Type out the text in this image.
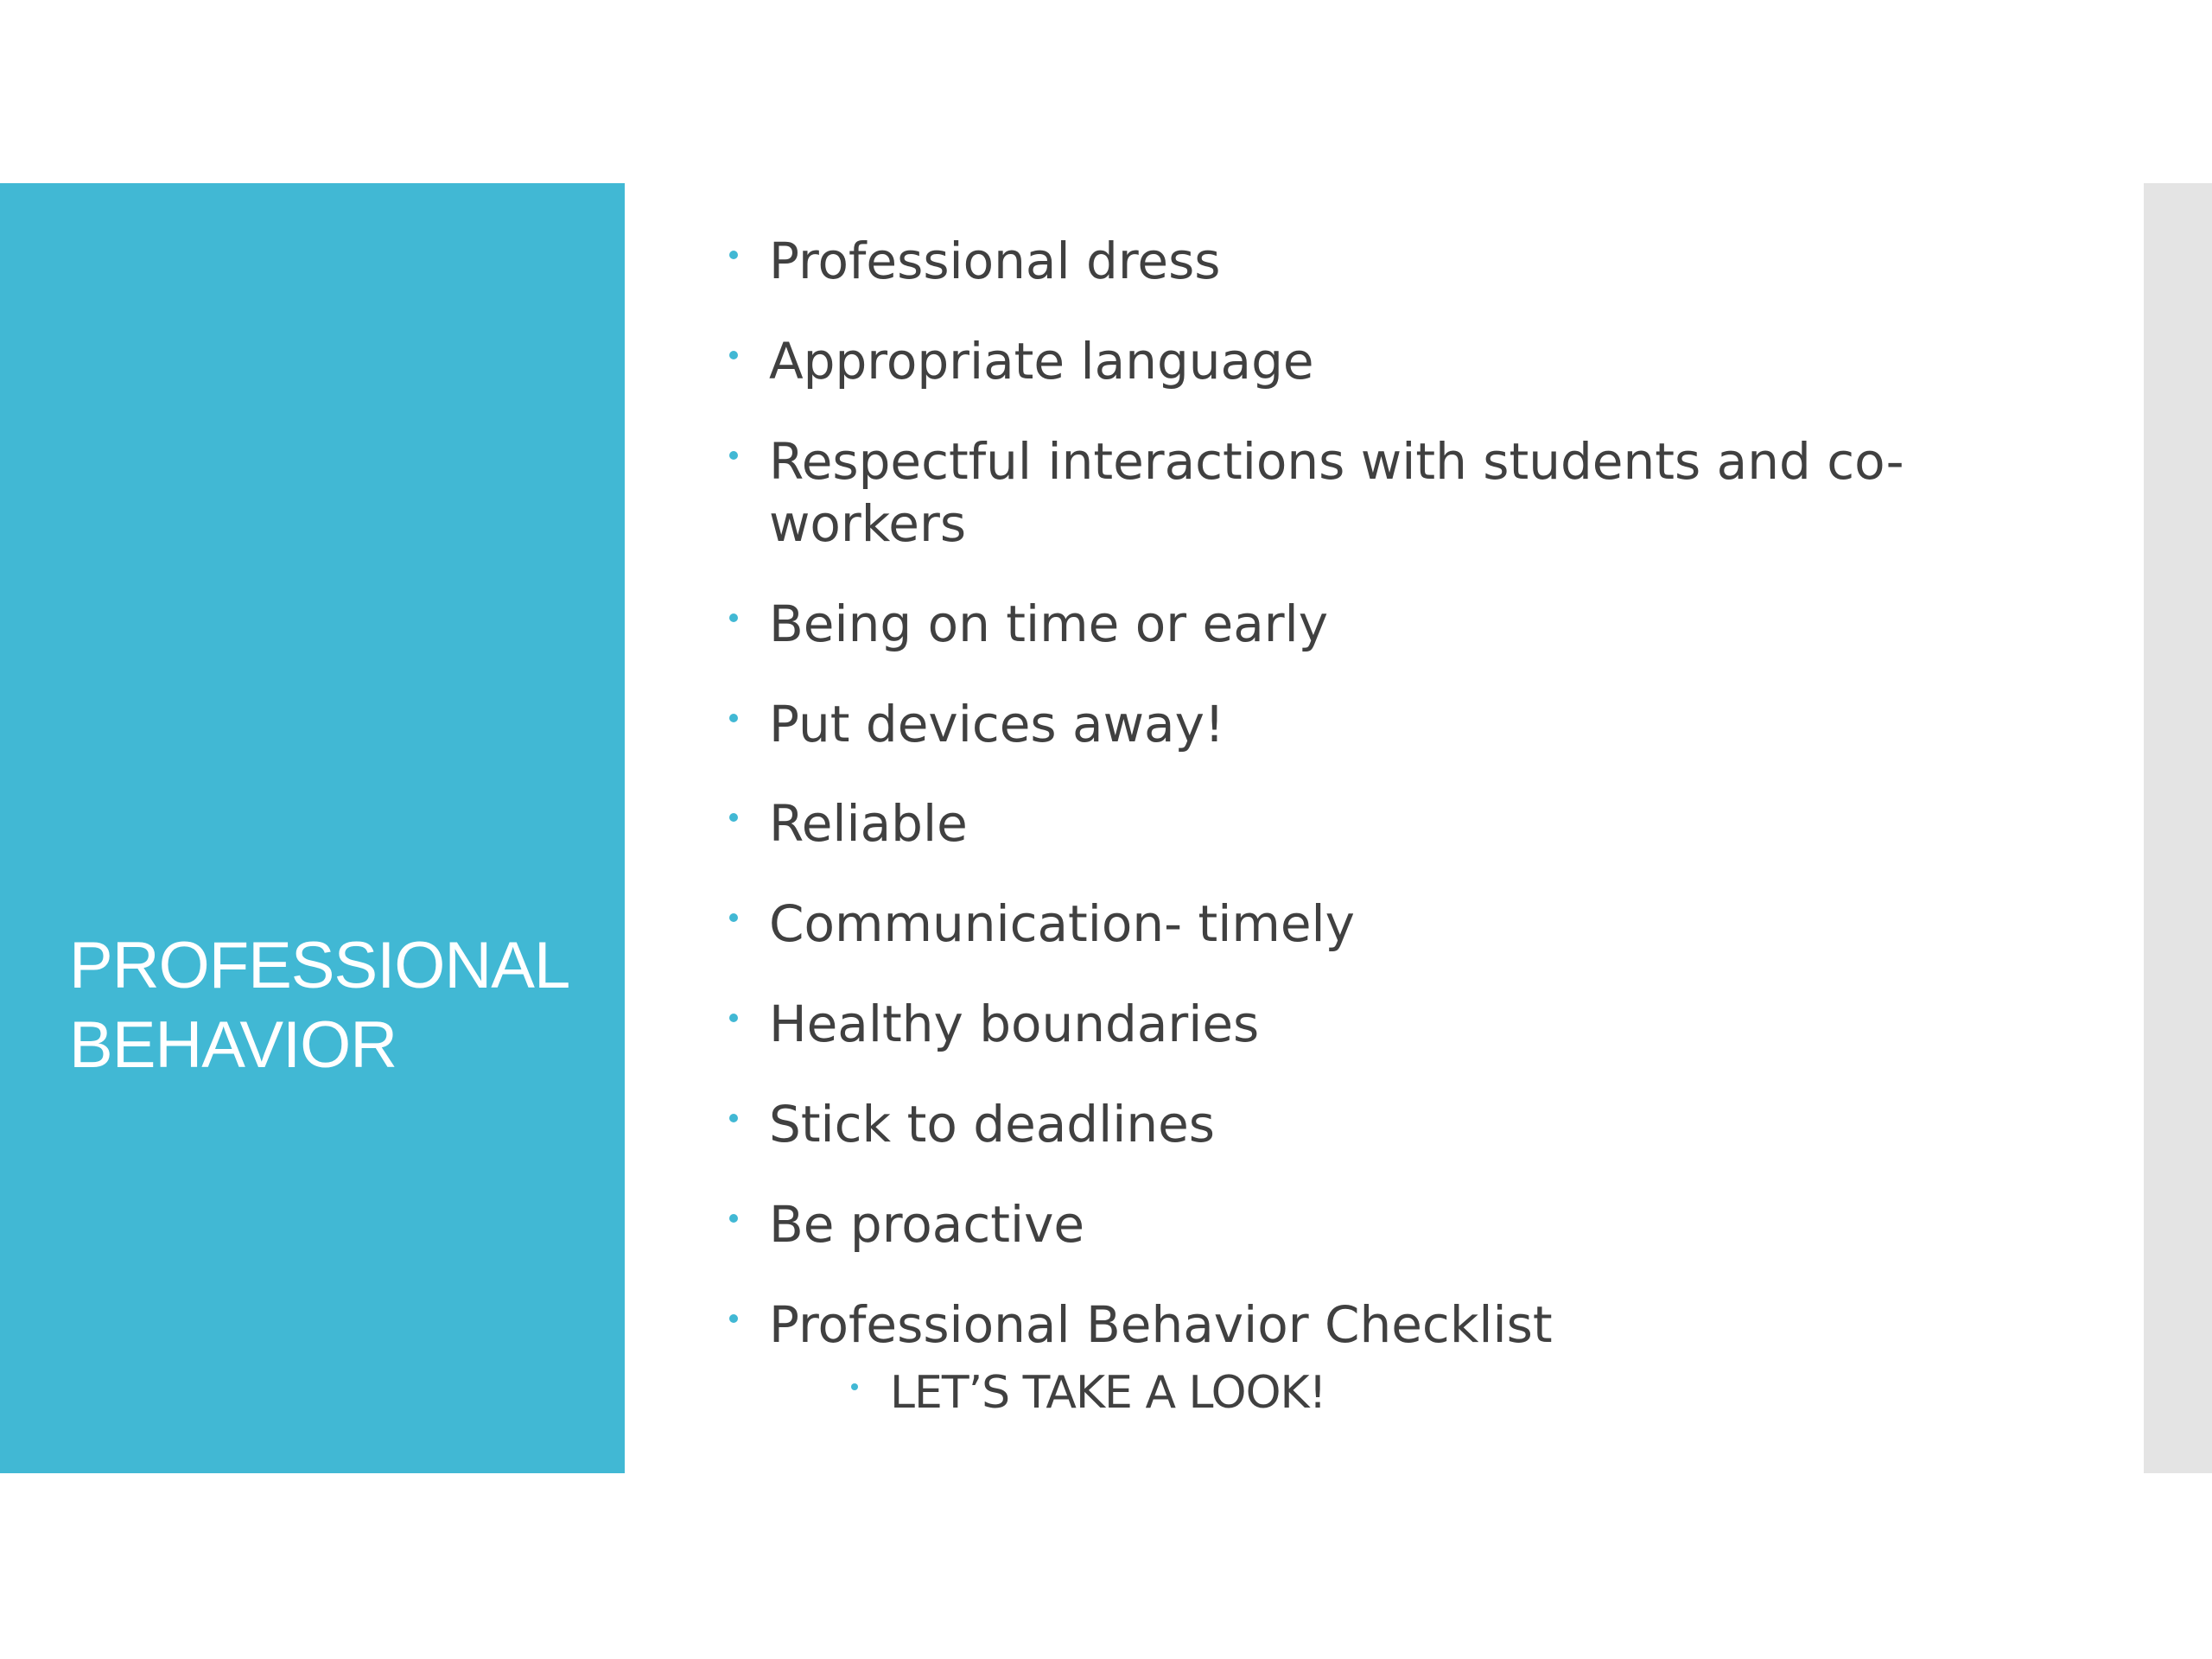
PROFESSIONAL BEHAVIOR
Professional dress
Appropriate language
Respectful interactions with students and co-workers
Being on time or early
Put devices away!
Reliable
Communication- timely
Healthy boundaries
Stick to deadlines
Be proactive
Professional Behavior Checklist
LET’S TAKE A LOOK!
